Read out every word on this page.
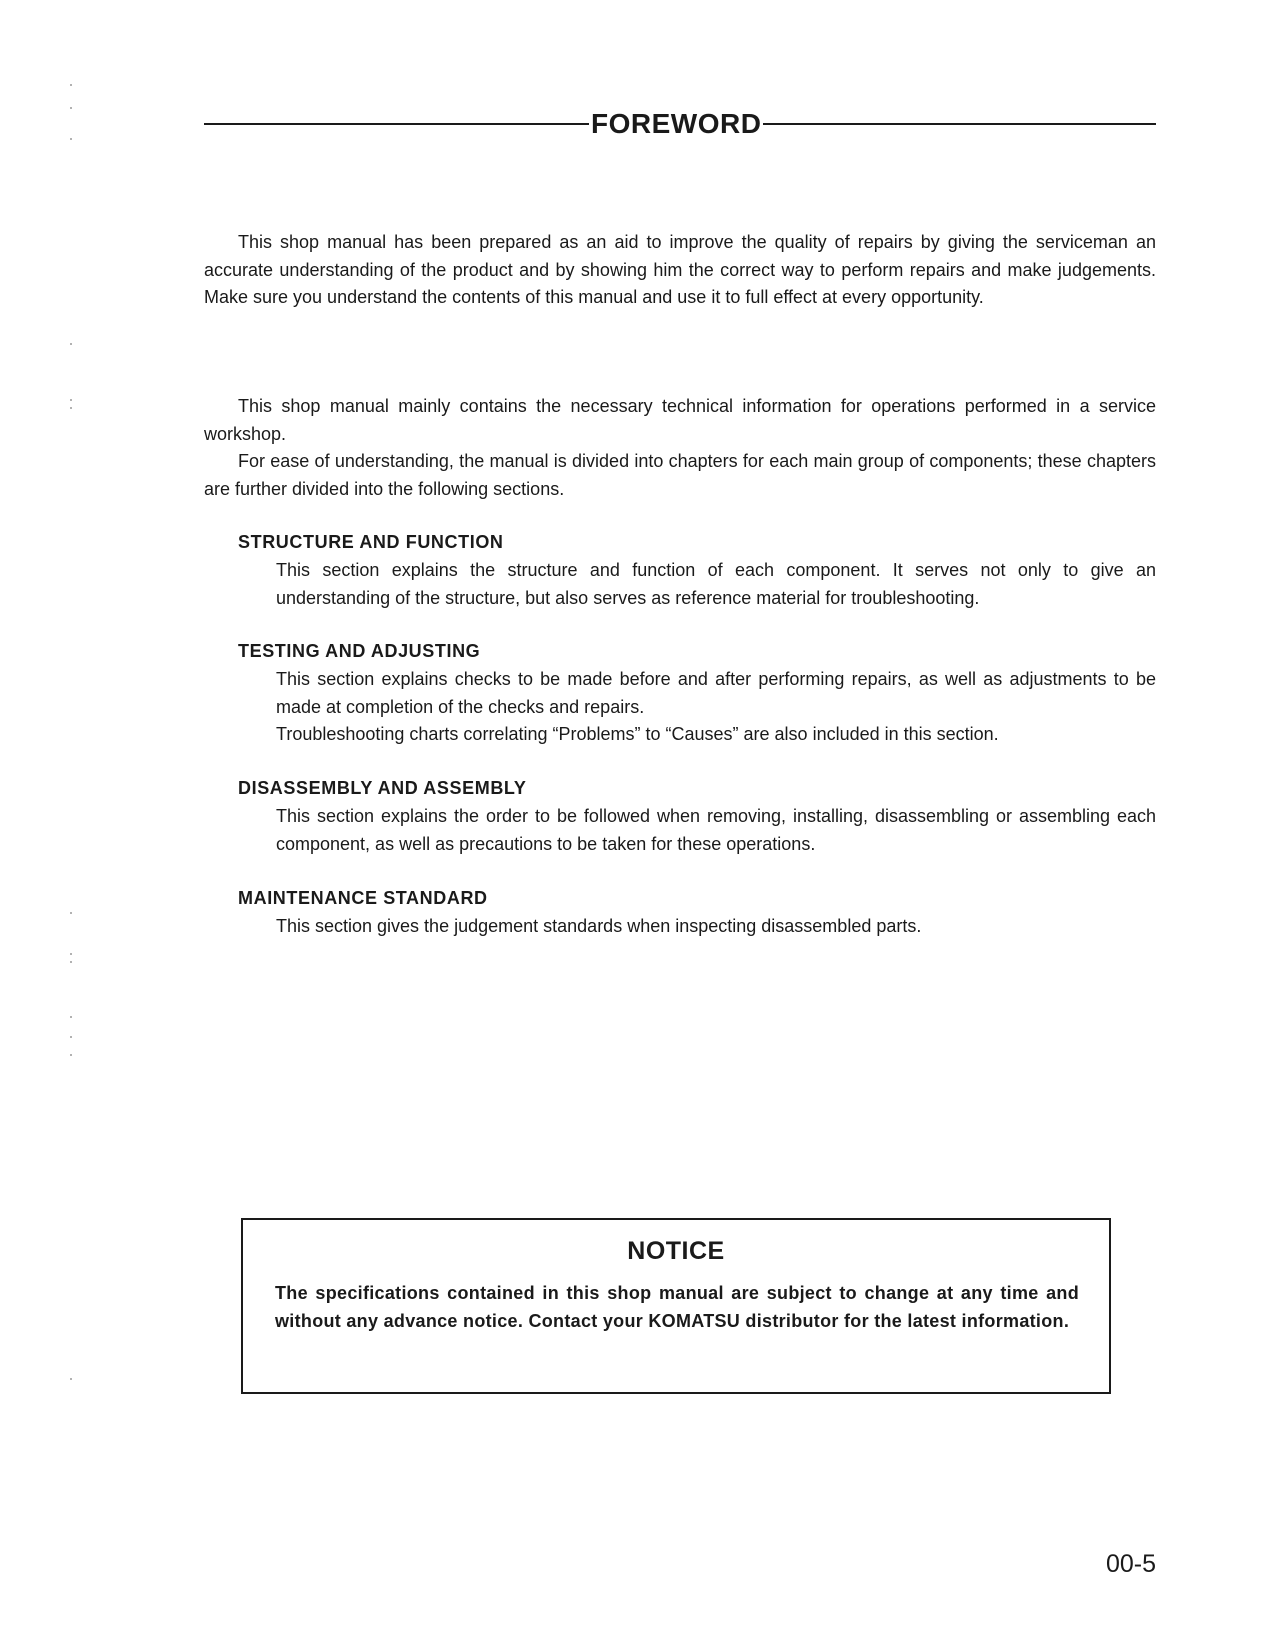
FOREWORD

This shop manual has been prepared as an aid to improve the quality of repairs by giving the serviceman an accurate understanding of the product and by showing him the correct way to perform repairs and make judgements. Make sure you understand the contents of this manual and use it to full effect at every opportunity.

This shop manual mainly contains the necessary technical information for operations performed in a service workshop.

For ease of understanding, the manual is divided into chapters for each main group of components; these chapters are further divided into the following sections.

STRUCTURE AND FUNCTION

This section explains the structure and function of each component. It serves not only to give an understanding of the structure, but also serves as reference material for troubleshooting.

TESTING AND ADJUSTING

This section explains checks to be made before and after performing repairs, as well as adjustments to be made at completion of the checks and repairs.

Troubleshooting charts correlating “Problems” to “Causes” are also included in this section.

DISASSEMBLY AND ASSEMBLY

This section explains the order to be followed when removing, installing, disassembling or assembling each component, as well as precautions to be taken for these operations.

MAINTENANCE STANDARD

This section gives the judgement standards when inspecting disassembled parts.

NOTICE

The specifications contained in this shop manual are subject to change at any time and without any advance notice. Contact your KOMATSU distributor for the latest information.

00-5
